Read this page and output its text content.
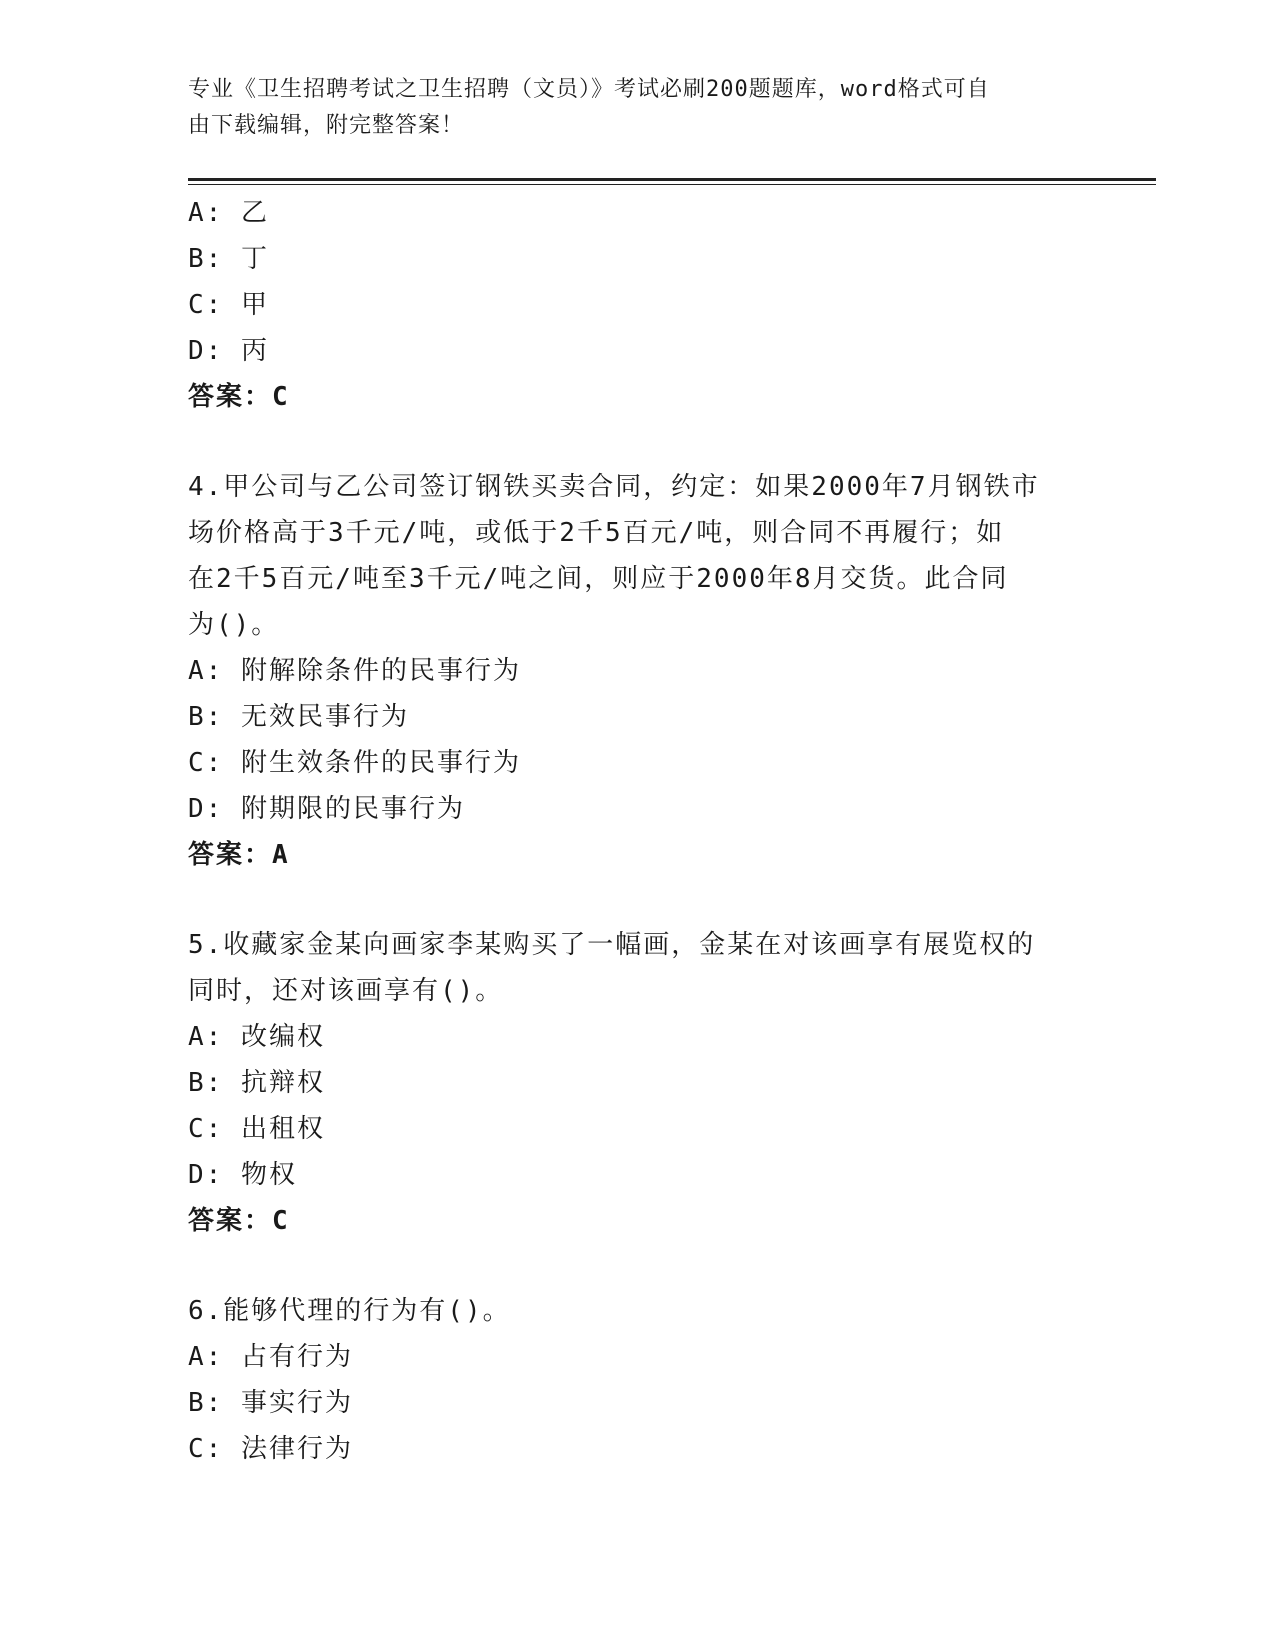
专业《卫生招聘考试之卫生招聘（文员）》考试必刷200题题库，word格式可自
由下载编辑，附完整答案！
A: 乙
B: 丁
C: 甲
D: 丙
答案：C
4.甲公司与乙公司签订钢铁买卖合同，约定：如果2000年7月钢铁市
场价格高于3千元/吨，或低于2千5百元/吨，则合同不再履行；如
在2千5百元/吨至3千元/吨之间，则应于2000年8月交货。此合同
为()。
A: 附解除条件的民事行为
B: 无效民事行为
C: 附生效条件的民事行为
D: 附期限的民事行为
答案：A
5.收藏家金某向画家李某购买了一幅画，金某在对该画享有展览权的
同时，还对该画享有()。
A: 改编权
B: 抗辩权
C: 出租权
D: 物权
答案：C
6.能够代理的行为有()。
A: 占有行为
B: 事实行为
C: 法律行为
